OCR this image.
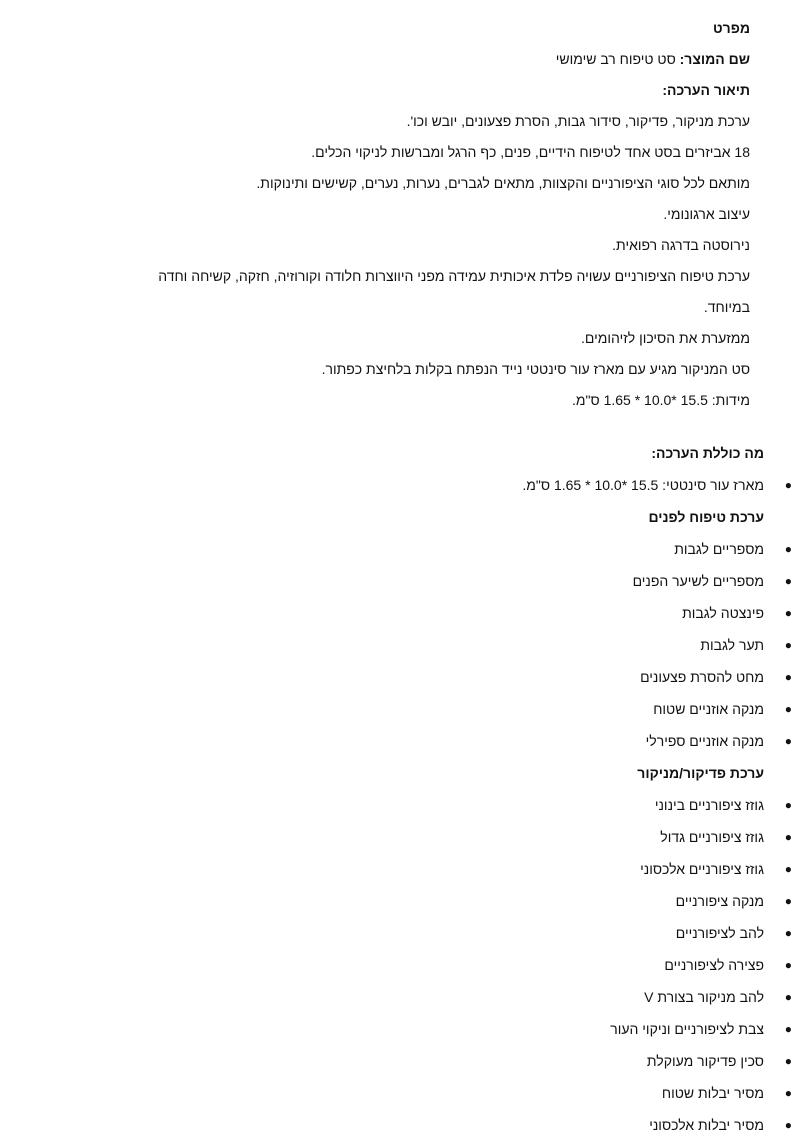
מפרט

שם המוצר: סט טיפוח רב שימושי

תיאור הערכה:

ערכת מניקור, פדיקור, סידור גבות, הסרת פצעונים, יובש וכו'.

18 אביזרים בסט אחד לטיפוח הידיים, פנים, כף הרגל ומברשות לניקוי הכלים.

מותאם לכל סוגי הציפורניים והקצוות, מתאים לגברים, נערות, נערים, קשישים ותינוקות.

עיצוב ארגונומי.

נירוסטה בדרגה רפואית.

ערכת טיפוח הציפורניים עשויה פלדת איכותית עמידה מפני היווצרות חלודה וקורוזיה, חזקה, קשיחה וחדה

במיוחד.

ממזערת את הסיכון לזיהומים.

סט המניקור מגיע עם מארז עור סינטטי נייד הנפתח בקלות בלחיצת כפתור.

מידות: 15.5 *10.0 * 1.65 ס"מ.

מה כוללת הערכה:

●
מארז עור סינטטי: 15.5 *10.0 * 1.65 ס"מ.

ערכת טיפוח לפנים

●
מספריים לגבות
●
מספריים לשיער הפנים
●
פינצטה לגבות
●
תער לגבות
●
מחט להסרת פצעונים
●
מנקה אוזניים שטוח
●
מנקה אוזניים ספירלי

ערכת פדיקור/מניקור

●
גוזז ציפורניים בינוני
●
גוזז ציפורניים גדול
●
גוזז ציפורניים אלכסוני
●
מנקה ציפורניים
●
להב לציפורניים
●
פצירה לציפורניים
●
להב מניקור בצורת V
●
צבת לציפורניים וניקוי העור
●
סכין פדיקור מעוקלת
●
מסיר יבלות שטוח
●
מסיר יבלות אלכסוני
